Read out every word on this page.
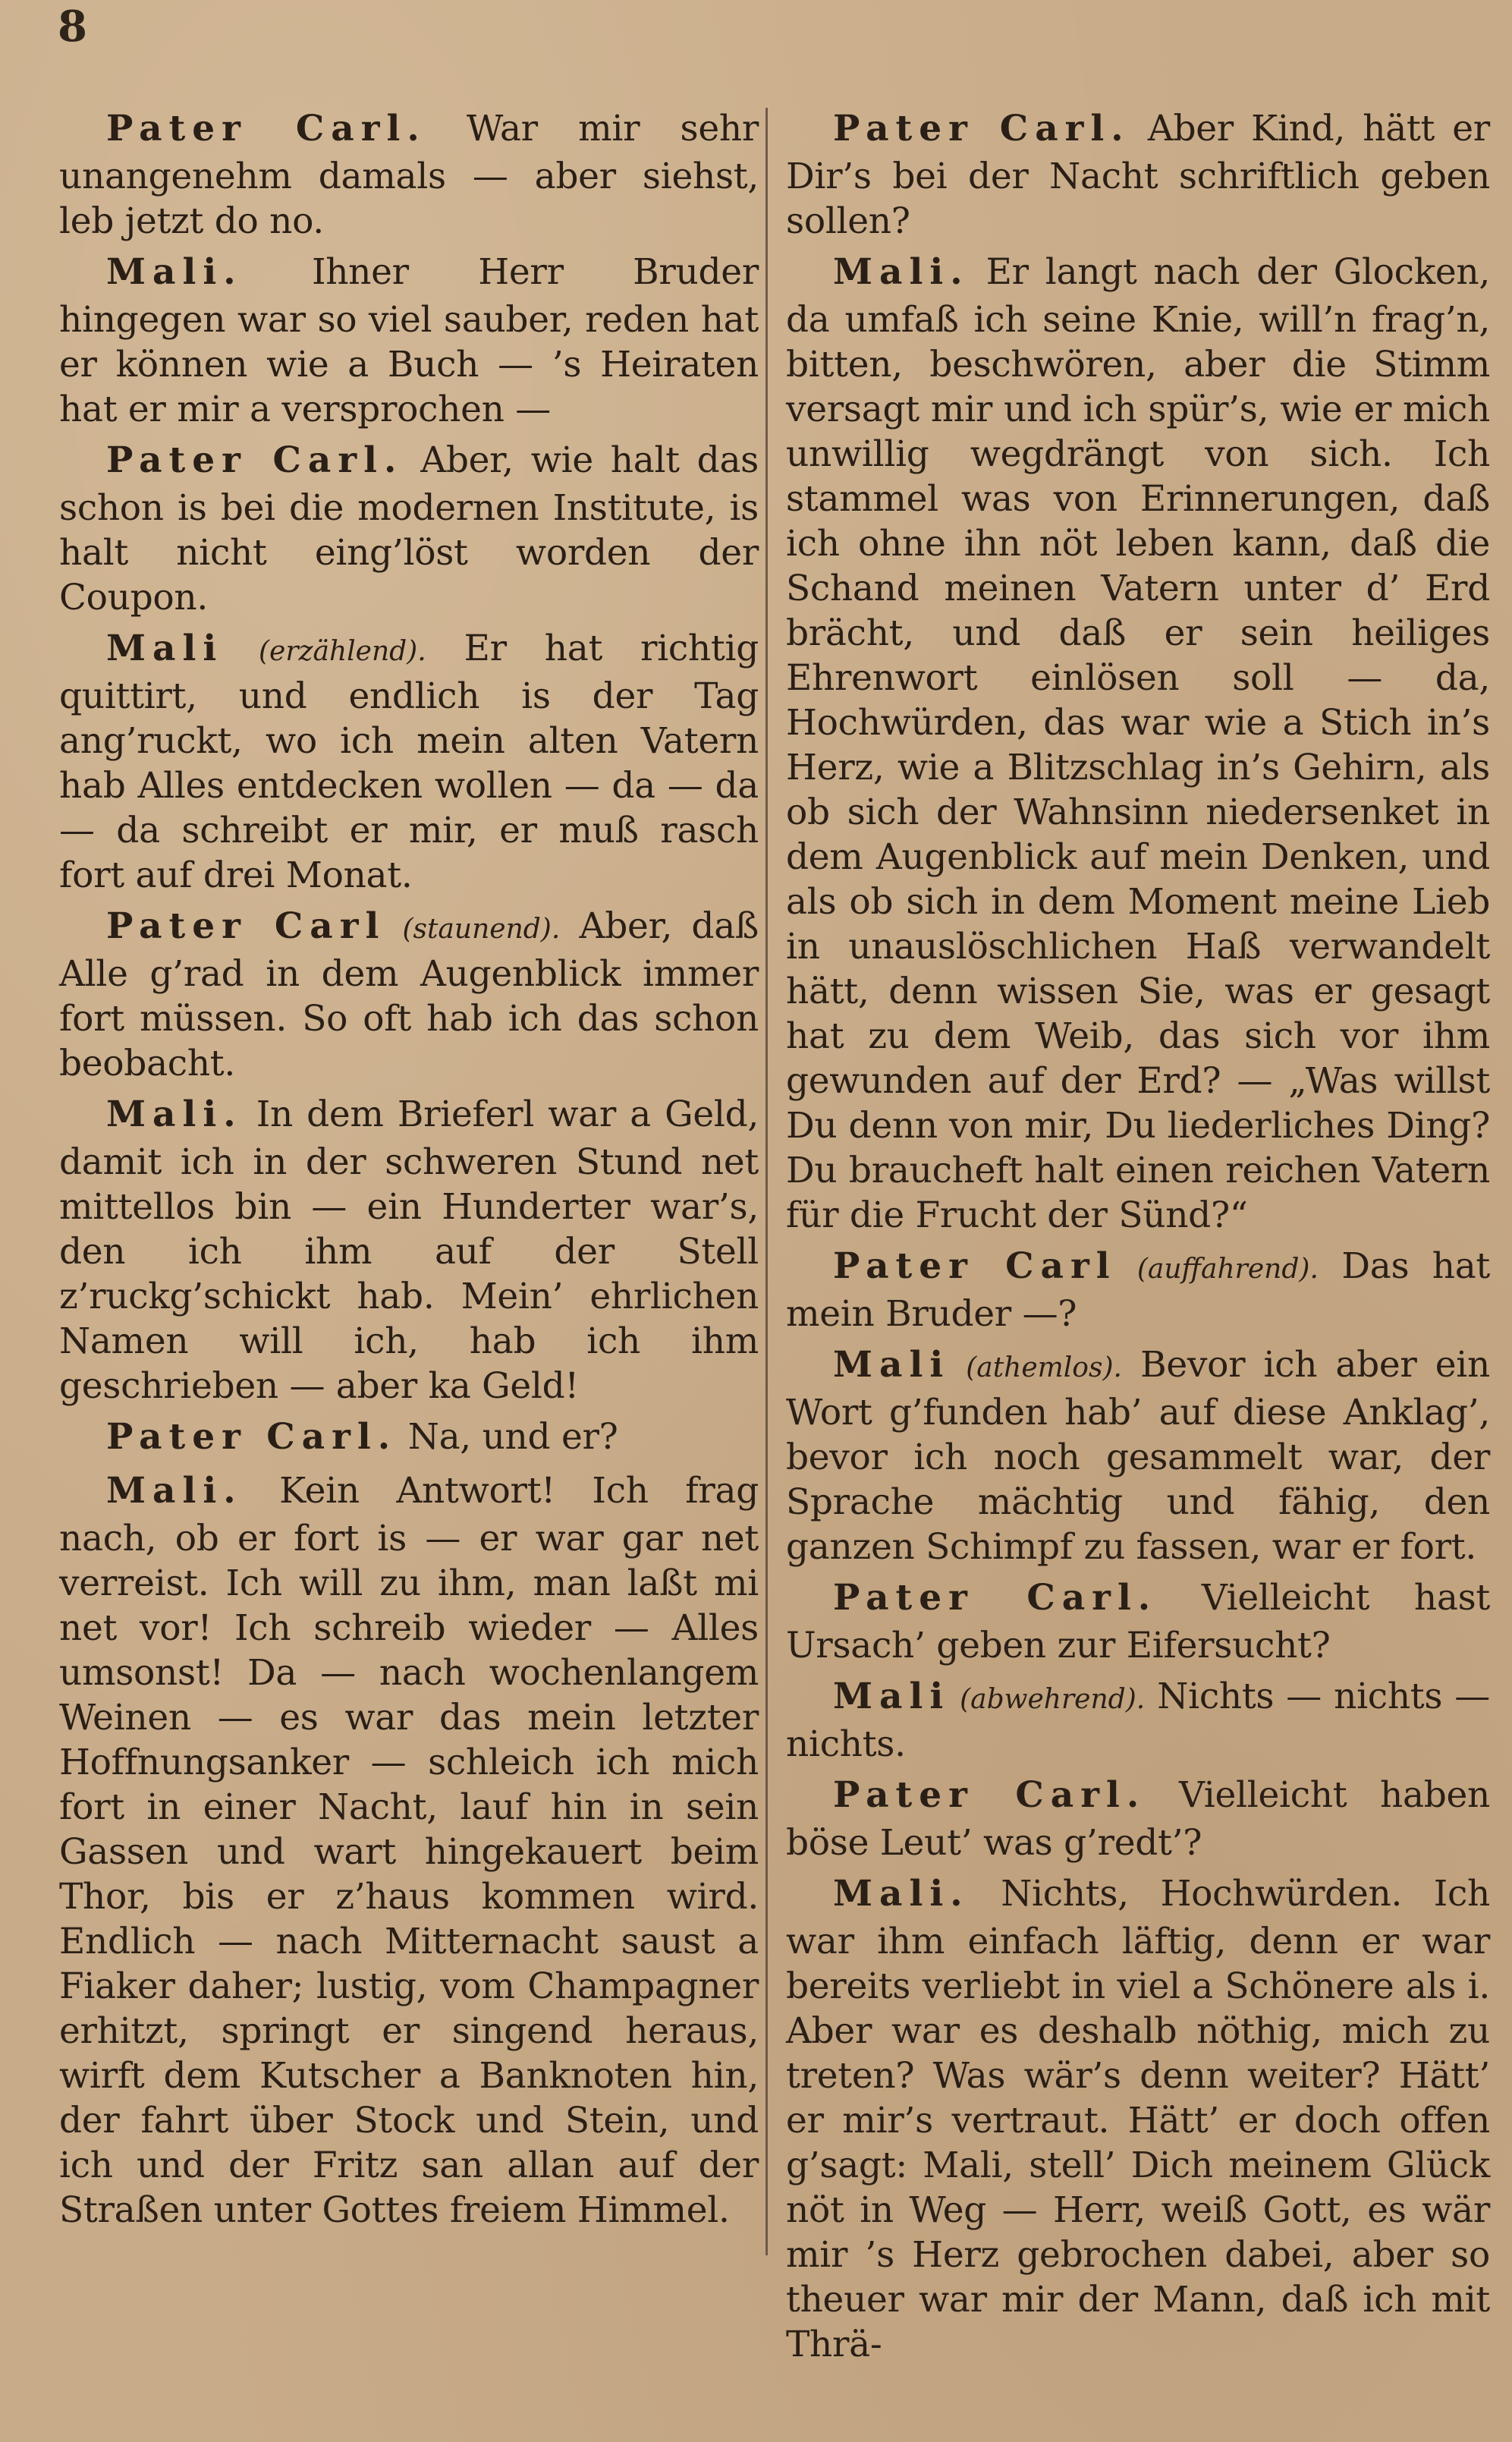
8

Pater Carl. War mir sehr unangenehm damals — aber siehst, leb jetzt do no.

Mali. Ihner Herr Bruder hingegen war so viel sauber, reden hat er können wie a Buch — ’s Heiraten hat er mir a versprochen —

Pater Carl. Aber, wie halt das schon is bei die modernen Institute, is halt nicht eing’löst worden der Coupon.

Mali (erzählend). Er hat richtig quittirt, und endlich is der Tag ang’ruckt, wo ich mein alten Vatern hab Alles entdecken wollen — da — da — da schreibt er mir, er muß rasch fort auf drei Monat.

Pater Carl (staunend). Aber, daß Alle g’rad in dem Augenblick immer fort müssen. So oft hab ich das schon beobacht.

Mali. In dem Brieferl war a Geld, damit ich in der schweren Stund net mittellos bin — ein Hunderter war’s, den ich ihm auf der Stell z’ruckg’schickt hab. Mein’ ehrlichen Namen will ich, hab ich ihm geschrieben — aber ka Geld!

Pater Carl. Na, und er?

Mali. Kein Antwort! Ich frag nach, ob er fort is — er war gar net verreist. Ich will zu ihm, man laßt mi net vor! Ich schreib wieder — Alles umsonst! Da — nach wochenlangem Weinen — es war das mein letzter Hoffnungsanker — schleich ich mich fort in einer Nacht, lauf hin in sein Gassen und wart hingekauert beim Thor, bis er z’haus kommen wird. Endlich — nach Mitternacht saust a Fiaker daher; lustig, vom Champagner erhitzt, springt er singend heraus, wirft dem Kutscher a Banknoten hin, der fahrt über Stock und Stein, und ich und der Fritz san allan auf der Straßen unter Gottes freiem Himmel.

Pater Carl. Aber Kind, hätt er Dir’s bei der Nacht schriftlich geben sollen?

Mali. Er langt nach der Glocken, da umfaß ich seine Knie, will’n frag’n, bitten, beschwören, aber die Stimm versagt mir und ich spür’s, wie er mich unwillig wegdrängt von sich. Ich stammel was von Erinnerungen, daß ich ohne ihn nöt leben kann, daß die Schand meinen Vatern unter d’ Erd brächt, und daß er sein heiliges Ehrenwort einlösen soll — da, Hochwürden, das war wie a Stich in’s Herz, wie a Blitzschlag in’s Gehirn, als ob sich der Wahnsinn niedersenket in dem Augenblick auf mein Denken, und als ob sich in dem Moment meine Lieb in unauslöschlichen Haß verwandelt hätt, denn wissen Sie, was er gesagt hat zu dem Weib, das sich vor ihm gewunden auf der Erd? — „Was willst Du denn von mir, Du liederliches Ding? Du braucheft halt einen reichen Vatern für die Frucht der Sünd?“

Pater Carl (auffahrend). Das hat mein Bruder —?

Mali (athemlos). Bevor ich aber ein Wort g’funden hab’ auf diese Anklag’, bevor ich noch gesammelt war, der Sprache mächtig und fähig, den ganzen Schimpf zu fassen, war er fort.

Pater Carl. Vielleicht hast Ursach’ geben zur Eifersucht?

Mali (abwehrend). Nichts — nichts — nichts.

Pater Carl. Vielleicht haben böse Leut’ was g’redt’?

Mali. Nichts, Hochwürden. Ich war ihm einfach läftig, denn er war bereits verliebt in viel a Schönere als i. Aber war es deshalb nöthig, mich zu treten? Was wär’s denn weiter? Hätt’ er mir’s vertraut. Hätt’ er doch offen g’sagt: Mali, stell’ Dich meinem Glück nöt in Weg — Herr, weiß Gott, es wär mir ’s Herz gebrochen dabei, aber so theuer war mir der Mann, daß ich mit Thrä-
